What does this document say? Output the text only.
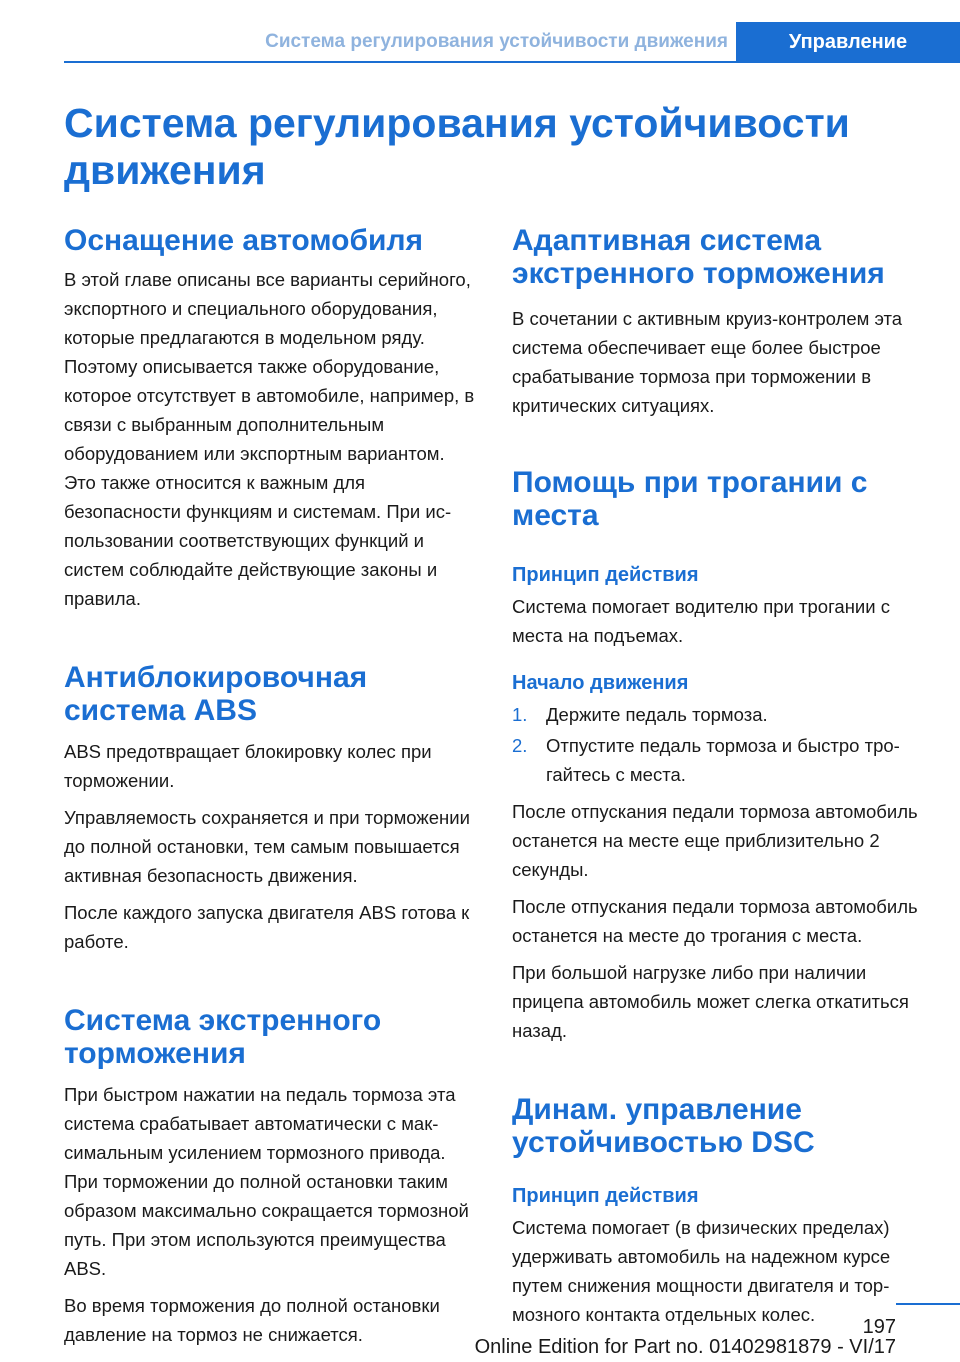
Система регулирования устойчивости движения	Управление
Система регулирования устойчивости движения
Оснащение автомобиля

В этой главе описаны все варианты серийного, экспортного и специального оборудования, которые предлагаются в модельном ряду. Поэтому описывается также оборудование, которое отсутствует в автомобиле, например, в связи с выбранным дополнительным оборудованием или экспортным вариантом. Это также относится к важным для безопасности функциям и системам. При использовании соответствующих функций и систем соблюдайте действующие законы и правила.

Антиблокировочная система ABS

ABS предотвращает блокировку колес при торможении.

Управляемость сохраняется и при торможении до полной остановки, тем самым повышается активная безопасность движения.

После каждого запуска двигателя ABS готова к работе.

Система экстренного торможения

При быстром нажатии на педаль тормоза эта система срабатывает автоматически с максимальным усилением тормозного привода. При торможении до полной остановки таким образом максимально сокращается тормозной путь. При этом используются преимущества ABS.

Во время торможения до полной остановки давление на тормоз не снижается.

Адаптивная система экстренного торможения

В сочетании с активным круиз-контролем эта система обеспечивает еще более быстрое срабатывание тормоза при торможении в критических ситуациях.

Помощь при трогании с места
Принцип действия

Система помогает водителю при трогании с места на подъемах.

Начало движения
1. Держите педаль тормоза.
2. Отпустите педаль тормоза и быстро трогайтесь с места.

После отпускания педали тормоза автомобиль останется на месте еще приблизительно 2 секунды.

После отпускания педали тормоза автомобиль останется на месте до трогания с места.

При большой нагрузке либо при наличии прицепа автомобиль может слегка откатиться назад.

Динам. управление устойчивостью DSC
Принцип действия

Система помогает (в физических пределах) удерживать автомобиль на надежном курсе путем снижения мощности двигателя и тормозного контакта отдельных колес.

197
Online Edition for Part no. 01402981879 - VI/17
